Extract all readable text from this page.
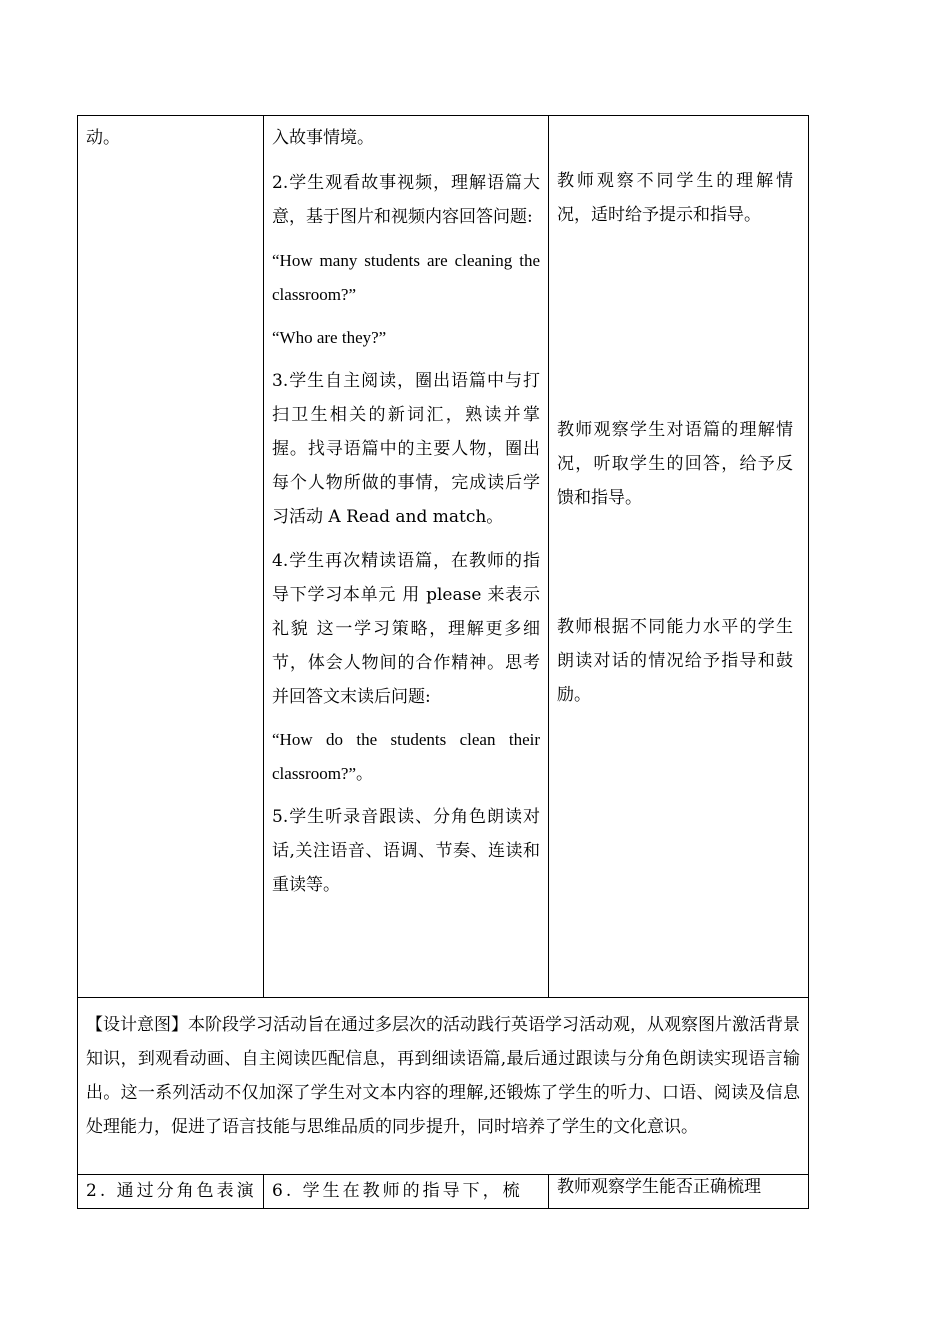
动。	入故事情境。

2.学生观看故事视频，理解语篇大意，基于图片和视频内容回答问题:

“How many students are cleaning the classroom?”

“Who are they?”

3.学生自主阅读，圈出语篇中与打扫卫生相关的新词汇，熟读并掌握。找寻语篇中的主要人物，圈出每个人物所做的事情，完成读后学习活动 A Read and match。

4.学生再次精读语篇，在教师的指导下学习本单元 用 please 来表示礼貌 这一学习策略，理解更多细节，体会人物间的合作精神。思考并回答文末读后问题:

“How do the students clean their classroom?”。

5.学生听录音跟读、分角色朗读对话,关注语音、语调、节奏、连读和重读等。

教师观察不同学生的理解情况，适时给予提示和指导。

教师观察学生对语篇的理解情况，听取学生的回答，给予反馈和指导。

教师根据不同能力水平的学生朗读对话的情况给予指导和鼓励。

【设计意图】本阶段学习活动旨在通过多层次的活动践行英语学习活动观，从观察图片激活背景知识，到观看动画、自主阅读匹配信息，再到细读语篇,最后通过跟读与分角色朗读实现语言输出。这一系列活动不仅加深了学生对文本内容的理解,还锻炼了学生的听力、口语、阅读及信息处理能力，促进了语言技能与思维品质的同步提升，同时培养了学生的文化意识。
2. 通过分角色表演 6. 学生在教师的指导下，梳	教师观察学生能否正确梳理
